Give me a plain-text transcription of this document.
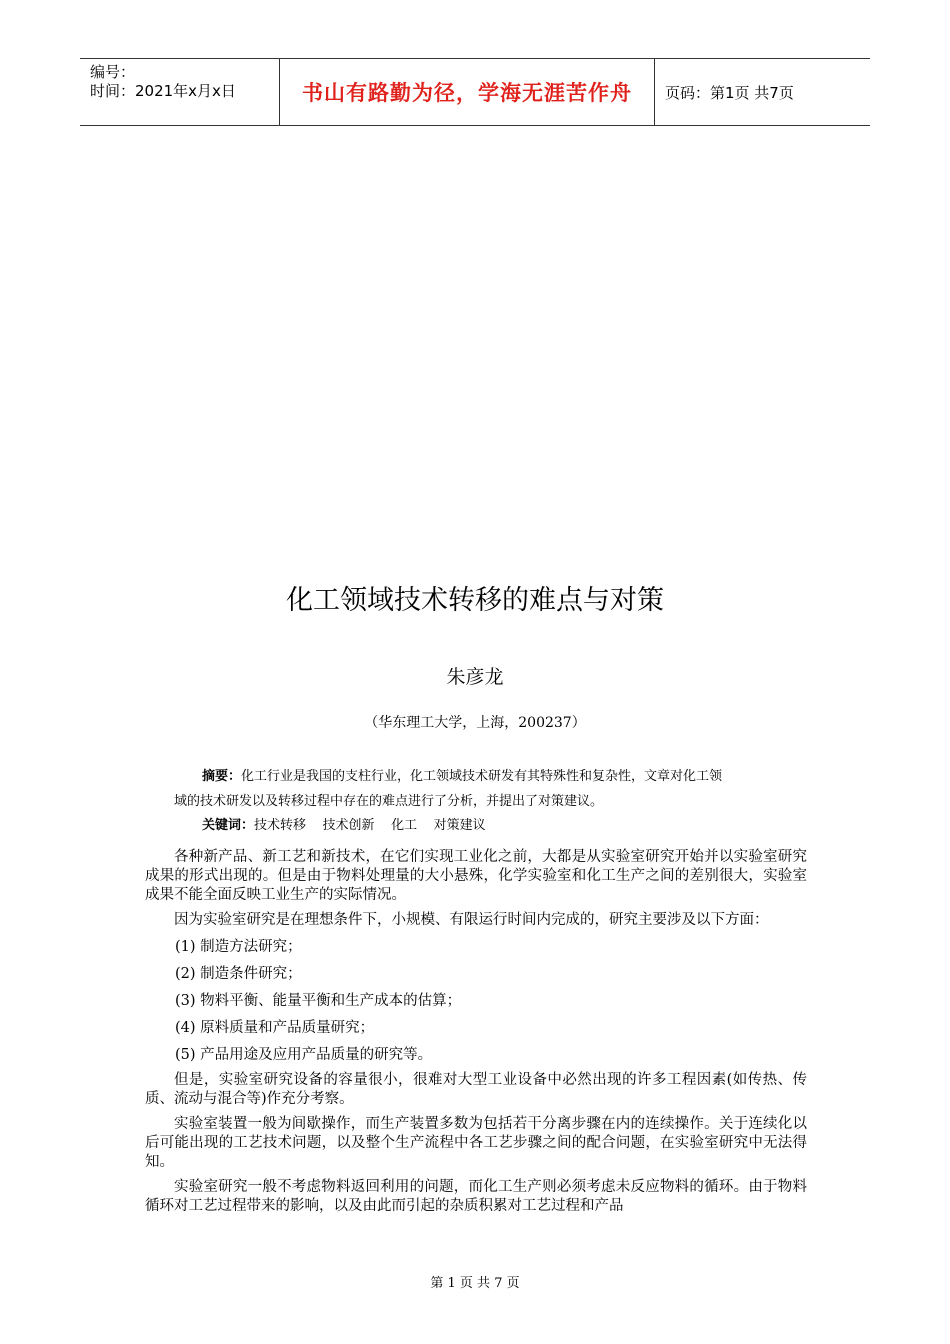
编号：
时间：2021年x月x日	书山有路勤为径，学海无涯苦作舟	页码：第1页 共7页
化工领域技术转移的难点与对策
朱彦龙
（华东理工大学，上海，200237）
摘要：化工行业是我国的支柱行业，化工领域技术研发有其特殊性和复杂性，文章对化工领
域的技术研发以及转移过程中存在的难点进行了分析，并提出了对策建议。
关键词：技术转移    技术创新    化工    对策建议

各种新产品、新工艺和新技术，在它们实现工业化之前，大都是从实验室研究开始并以实验室研究成果的形式出现的。但是由于物料处理量的大小悬殊，化学实验室和化工生产之间的差别很大，实验室成果不能全面反映工业生产的实际情况。

因为实验室研究是在理想条件下，小规模、有限运行时间内完成的，研究主要涉及以下方面：

(1) 制造方法研究；

(2) 制造条件研究；

(3) 物料平衡、能量平衡和生产成本的估算；

(4) 原料质量和产品质量研究；

(5) 产品用途及应用产品质量的研究等。

但是，实验室研究设备的容量很小，很难对大型工业设备中必然出现的许多工程因素(如传热、传质、流动与混合等)作充分考察。

实验室装置一般为间歇操作，而生产装置多数为包括若干分离步骤在内的连续操作。关于连续化以后可能出现的工艺技术问题，以及整个生产流程中各工艺步骤之间的配合问题，在实验室研究中无法得知。

实验室研究一般不考虑物料返回利用的问题，而化工生产则必须考虑未反应物料的循环。由于物料循环对工艺过程带来的影响，以及由此而引起的杂质积累对工艺过程和产品

第 1 页 共 7 页
